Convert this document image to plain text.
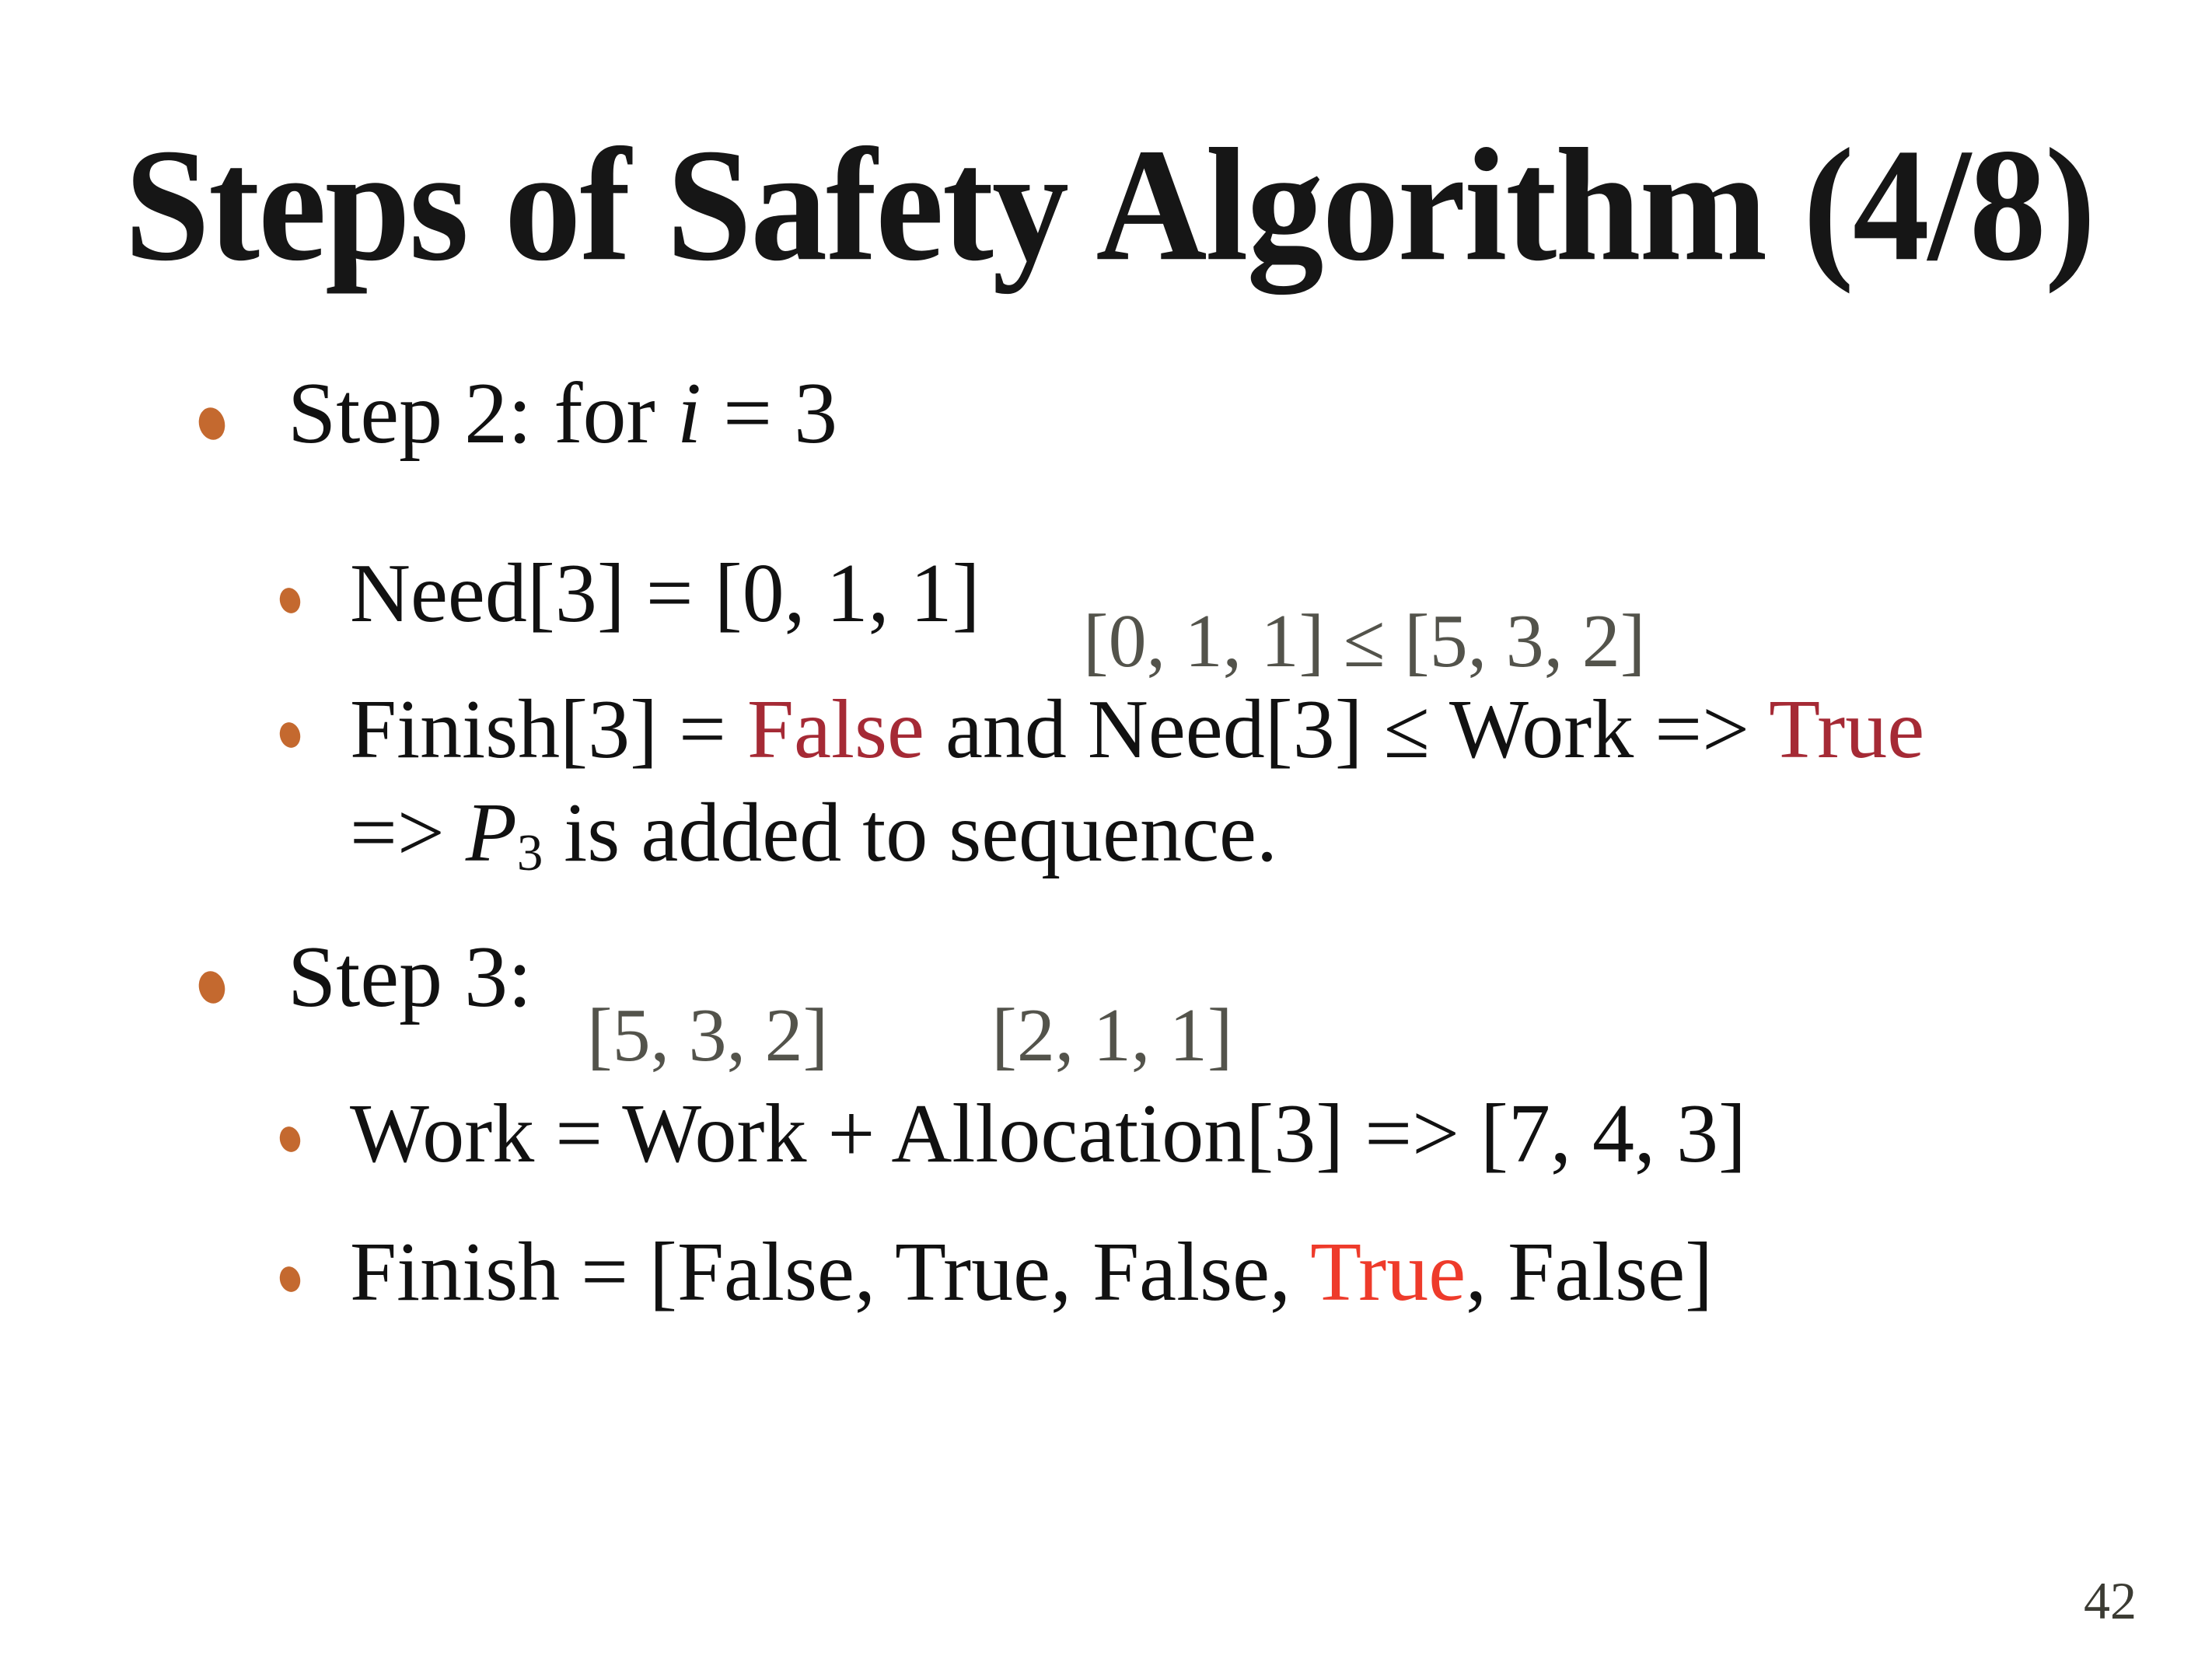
Steps of Safety Algorithm (4/8)
Step 2: for i = 3
Need[3] = [0, 1, 1]
[0, 1, 1] ≤ [5, 3, 2]
Finish[3] = False and Need[3] ≤ Work => True
=> P3 is added to sequence.
Step 3:
[5, 3, 2] [2, 1, 1]
Work = Work + Allocation[3] => [7, 4, 3]
Finish = [False, True, False, True, False]
42
